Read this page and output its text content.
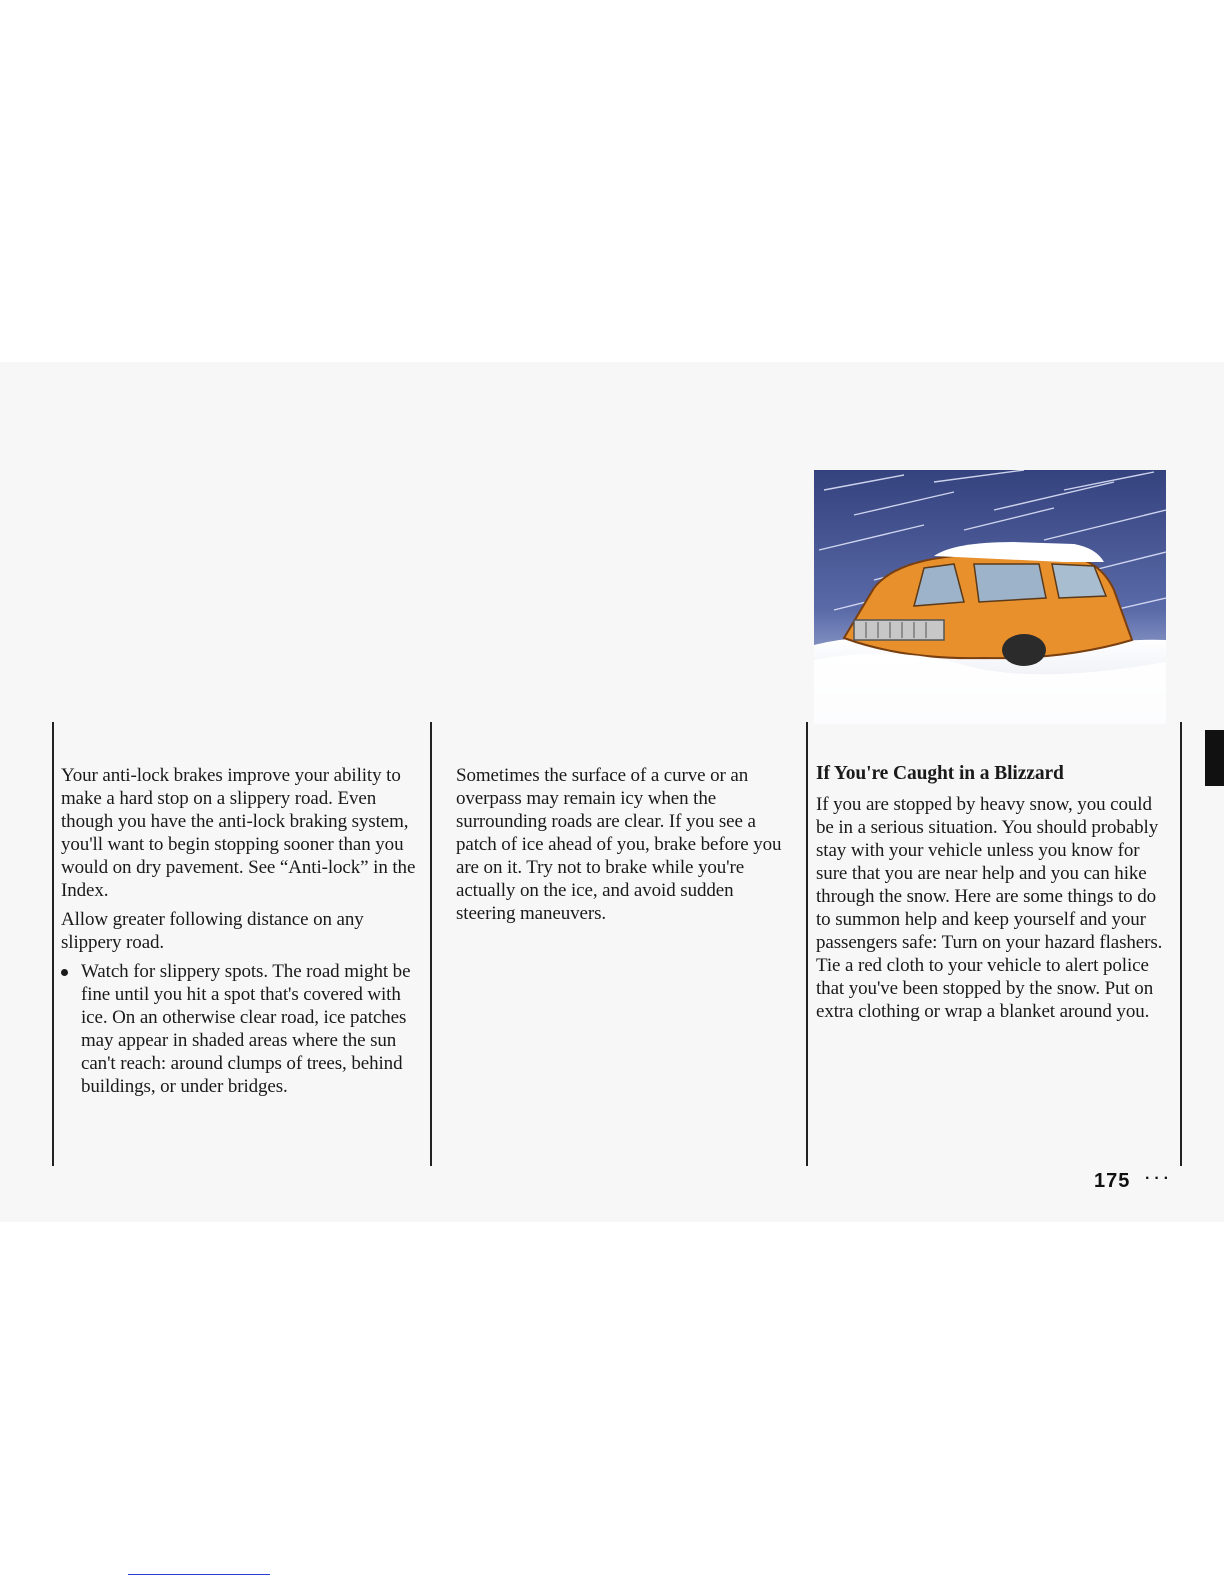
Your anti-lock brakes improve your ability to make a hard stop on a slippery road. Even though you have the anti-lock braking system, you'll want to begin stopping sooner than you would on dry pavement. See “Anti-lock” in the Index.

Allow greater following distance on any slippery road.

Watch for slippery spots. The road might be fine until you hit a spot that's covered with ice. On an otherwise clear road, ice patches may appear in shaded areas where the sun can't reach: around clumps of trees, behind buildings, or under bridges.

Sometimes the surface of a curve or an overpass may remain icy when the surrounding roads are clear. If you see a patch of ice ahead of you, brake before you are on it. Try not to brake while you're actually on the ice, and avoid sudden steering maneuvers.

If You're Caught in a Blizzard

If you are stopped by heavy snow, you could be in a serious situation. You should probably stay with your vehicle unless you know for sure that you are near help and you can hike through the snow. Here are some things to do to summon help and keep yourself and your passengers safe: Turn on your hazard flashers. Tie a red cloth to your vehicle to alert police that you've been stopped by the snow. Put on extra clothing or wrap a blanket around you.

175 ···
